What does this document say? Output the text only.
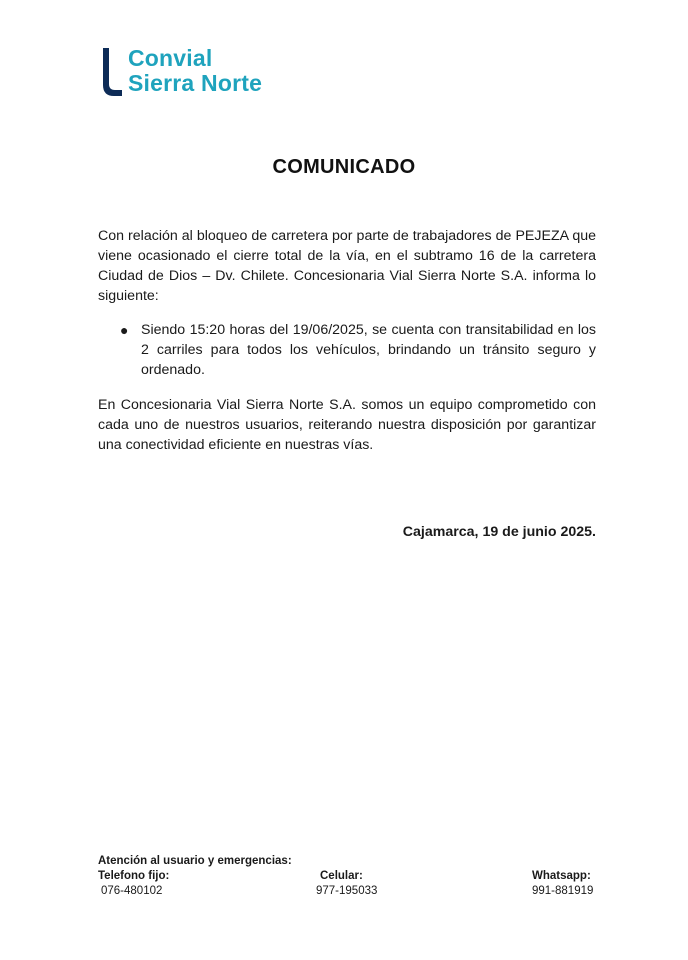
Convial
Sierra Norte
COMUNICADO
Con relación al bloqueo de carretera por parte de trabajadores de PEJEZA que viene ocasionado el cierre total de la vía, en el subtramo 16 de la carretera Ciudad de Dios – Dv. Chilete. Concesionaria Vial Sierra Norte S.A. informa lo siguiente:
● Siendo 15:20 horas del 19/06/2025, se cuenta con transitabilidad en los 2 carriles para todos los vehículos, brindando un tránsito seguro y ordenado.
En Concesionaria Vial Sierra Norte S.A. somos un equipo comprometido con cada uno de nuestros usuarios, reiterando nuestra disposición por garantizar una conectividad eficiente en nuestras vías.
Cajamarca, 19 de junio 2025.
Atención al usuario y emergencias:
Telefono fijo:
076-480102
Celular:
977-195033
Whatsapp:
991-881919
